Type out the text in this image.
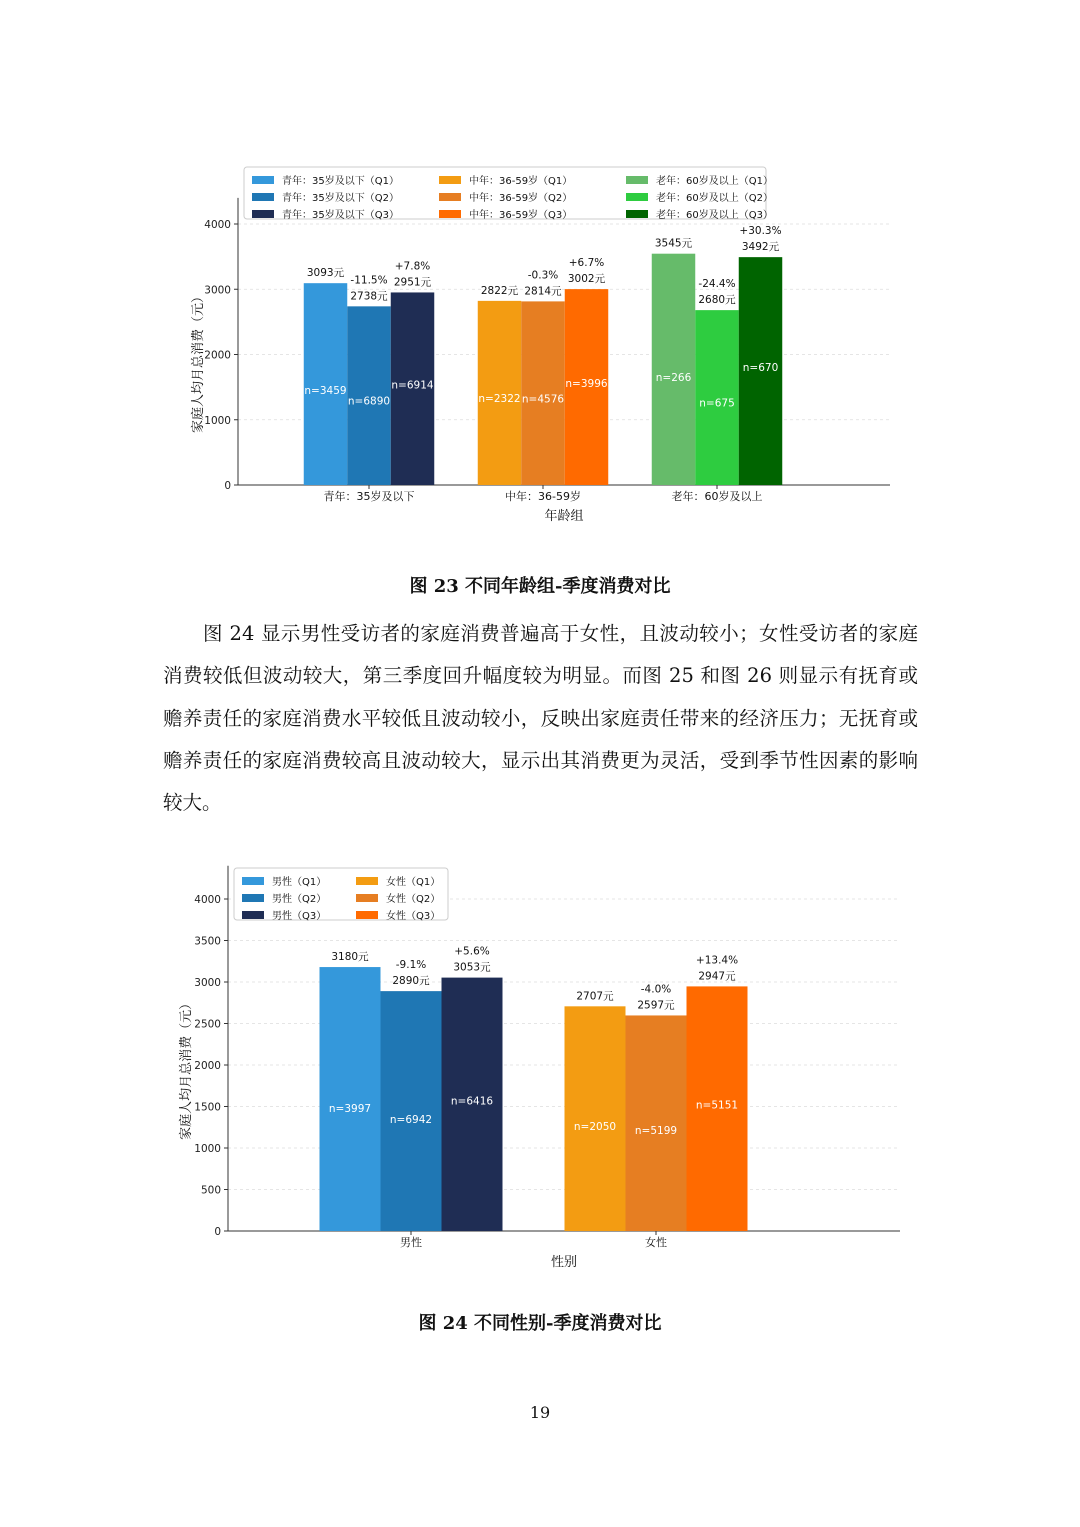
0
1000
2000
3000
4000
3093元
n=3459
2738元
-11.5%
n=6890
2951元
+7.8%
n=6914
2822元
n=2322
2814元
-0.3%
n=4576
3002元
+6.7%
n=3996
3545元
n=266
2680元
-24.4%
n=675
3492元
+30.3%
n=670
青年：35岁及以下	中年：36-59岁	老年：60岁及以上
年龄组
家庭人均月总消费（元）
青年：35岁及以下（Q1）
青年：35岁及以下（Q2）
青年：35岁及以下（Q3）
中年：36-59岁（Q1）
中年：36-59岁（Q2）
中年：36-59岁（Q3）
老年：60岁及以上（Q1）
老年：60岁及以上（Q2）
老年：60岁及以上（Q3）
图 23 不同年龄组-季度消费对比

图 24 显示男性受访者的家庭消费普遍高于女性，且波动较小；女性受访者的家庭消费较低但波动较大，第三季度回升幅度较为明显。而图 25 和图 26 则显示有抚育或赡养责任的家庭消费水平较低且波动较小，反映出家庭责任带来的经济压力；无抚育或赡养责任的家庭消费较高且波动较大，显示出其消费更为灵活，受到季节性因素的影响较大。

0
500
1000
1500
2000
2500
3000
3500
4000
3180元
n=3997
2890元
-9.1%
n=6942
3053元
+5.6%
n=6416
2707元
n=2050
2597元
-4.0%
n=5199
2947元
+13.4%
n=5151
男性	女性
性别
家庭人均月总消费（元）
男性（Q1）
男性（Q2）
男性（Q3）
女性（Q1）
女性（Q2）
女性（Q3）
图 24 不同性别-季度消费对比
19
